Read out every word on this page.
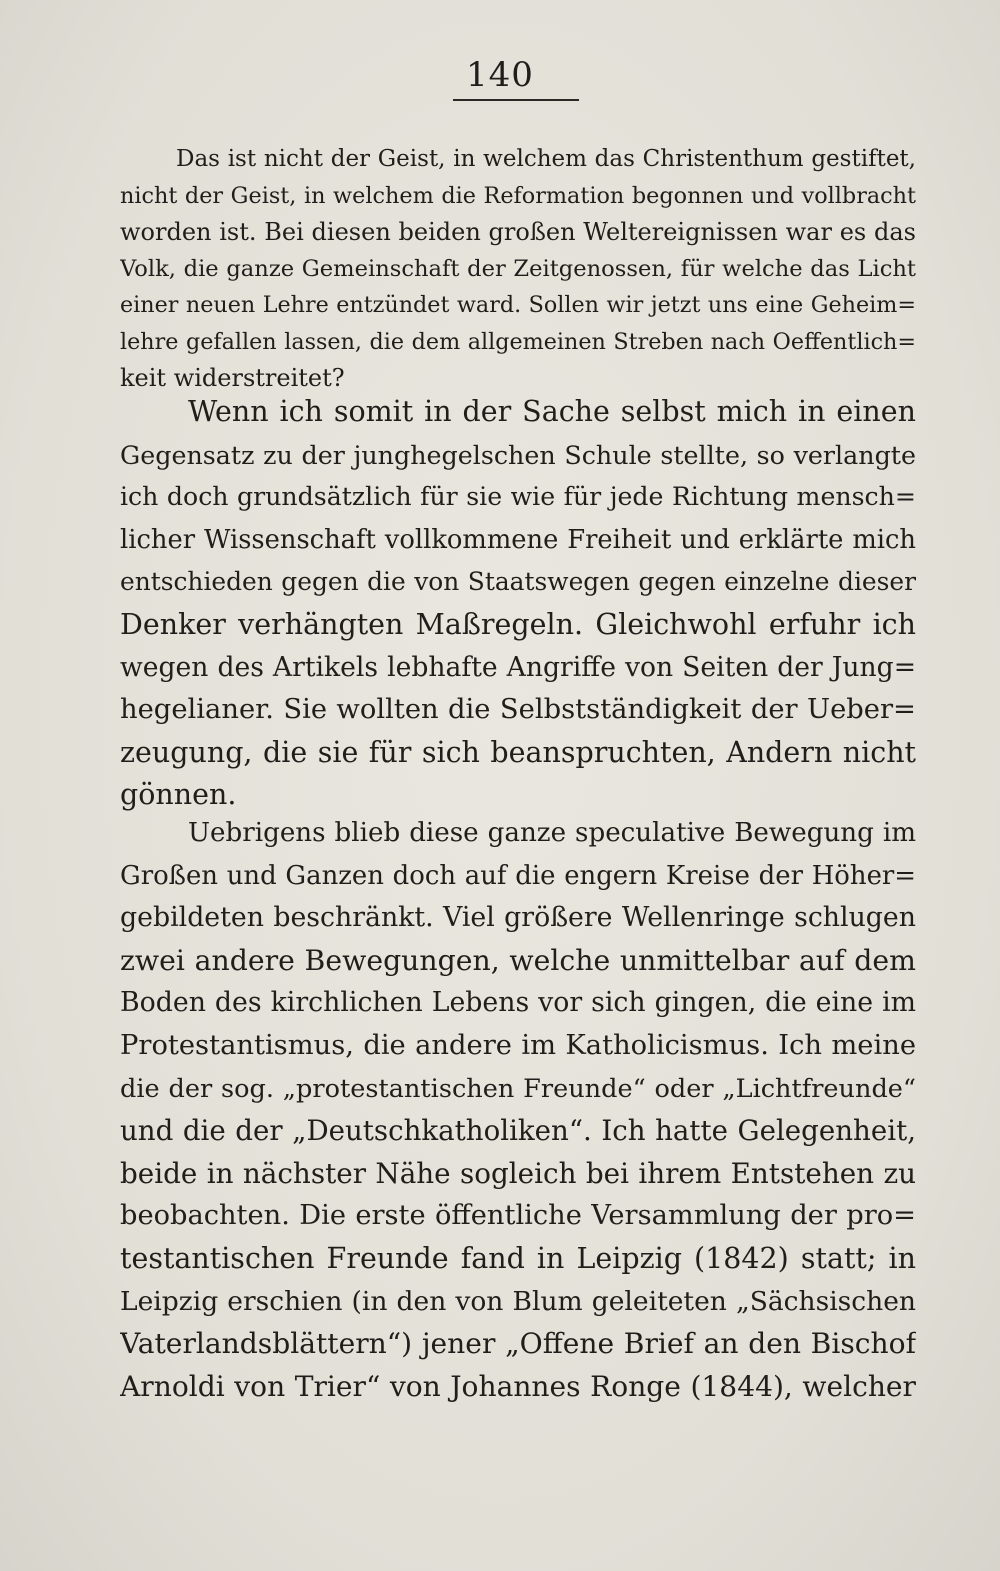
140
Das ist nicht der Geist, in welchem das Christenthum gestiftet,
nicht der Geist, in welchem die Reformation begonnen und vollbracht
worden ist. Bei diesen beiden großen Weltereignissen war es das
Volk, die ganze Gemeinschaft der Zeitgenossen, für welche das Licht
einer neuen Lehre entzündet ward. Sollen wir jetzt uns eine Geheim=
lehre gefallen lassen, die dem allgemeinen Streben nach Oeffentlich=
keit widerstreitet?
Wenn ich somit in der Sache selbst mich in einen
Gegensatz zu der junghegelschen Schule stellte, so verlangte
ich doch grundsätzlich für sie wie für jede Richtung mensch=
licher Wissenschaft vollkommene Freiheit und erklärte mich
entschieden gegen die von Staatswegen gegen einzelne dieser
Denker verhängten Maßregeln. Gleichwohl erfuhr ich
wegen des Artikels lebhafte Angriffe von Seiten der Jung=
hegelianer. Sie wollten die Selbstständigkeit der Ueber=
zeugung, die sie für sich beanspruchten, Andern nicht
gönnen.
Uebrigens blieb diese ganze speculative Bewegung im
Großen und Ganzen doch auf die engern Kreise der Höher=
gebildeten beschränkt. Viel größere Wellenringe schlugen
zwei andere Bewegungen, welche unmittelbar auf dem
Boden des kirchlichen Lebens vor sich gingen, die eine im
Protestantismus, die andere im Katholicismus. Ich meine
die der sog. „protestantischen Freunde“ oder „Lichtfreunde“
und die der „Deutschkatholiken“. Ich hatte Gelegenheit,
beide in nächster Nähe sogleich bei ihrem Entstehen zu
beobachten. Die erste öffentliche Versammlung der pro=
testantischen Freunde fand in Leipzig (1842) statt; in
Leipzig erschien (in den von Blum geleiteten „Sächsischen
Vaterlandsblättern“) jener „Offene Brief an den Bischof
Arnoldi von Trier“ von Johannes Ronge (1844), welcher
